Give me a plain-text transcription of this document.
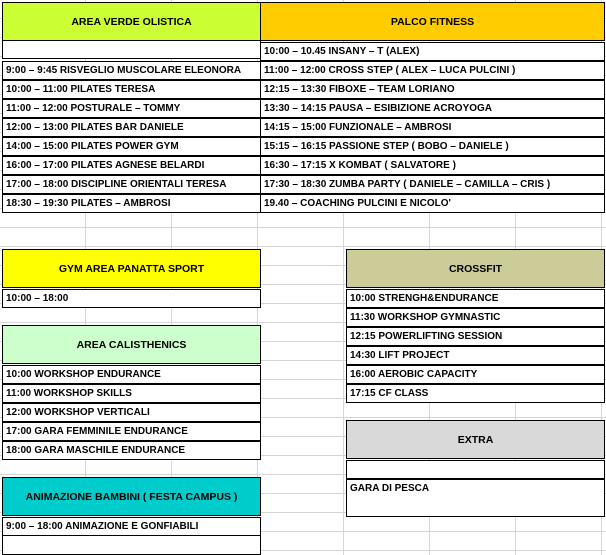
AREA VERDE OLISTICA
9:00 – 9:45 RISVEGLIO MUSCOLARE ELEONORA
10:00 – 11:00 PILATES TERESA
11:00 – 12:00 POSTURALE – TOMMY
12:00 – 13:00 PILATES BAR DANIELE
14:00 – 15:00 PILATES POWER GYM
16:00 – 17:00 PILATES AGNESE BELARDI
17:00 – 18:00 DISCIPLINE ORIENTALI TERESA
18:30 – 19:30 PILATES – AMBROSI
PALCO FITNESS
10:00 – 10.45 INSANY – T (ALEX)
11:00 – 12:00 CROSS STEP ( ALEX – LUCA PULCINI )
12:15 – 13:30 FIBOXE – TEAM LORIANO
13:30 – 14:15 PAUSA – ESIBIZIONE ACROYOGA
14:15 – 15:00 FUNZIONALE – AMBROSI
15:15 – 16:15 PASSIONE STEP ( BOBO – DANIELE )
16:30 – 17:15 X KOMBAT ( SALVATORE )
17:30 – 18:30 ZUMBA PARTY ( DANIELE – CAMILLA – CRIS )
19.40 – COACHING PULCINI E NICOLO'
GYM AREA PANATTA SPORT
10:00 – 18:00
AREA CALISTHENICS
10:00 WORKSHOP ENDURANCE
11:00 WORKSHOP SKILLS
12:00 WORKSHOP VERTICALI
17:00 GARA FEMMINILE ENDURANCE
18:00 GARA MASCHILE ENDURANCE
ANIMAZIONE BAMBINI ( FESTA CAMPUS )
9:00 – 18:00 ANIMAZIONE E GONFIABILI
CROSSFIT
10:00 STRENGH&ENDURANCE
11:30 WORKSHOP GYMNASTIC
12:15 POWERLIFTING SESSION
14:30 LIFT PROJECT
16:00 AEROBIC CAPACITY
17:15 CF CLASS
EXTRA
GARA DI PESCA
